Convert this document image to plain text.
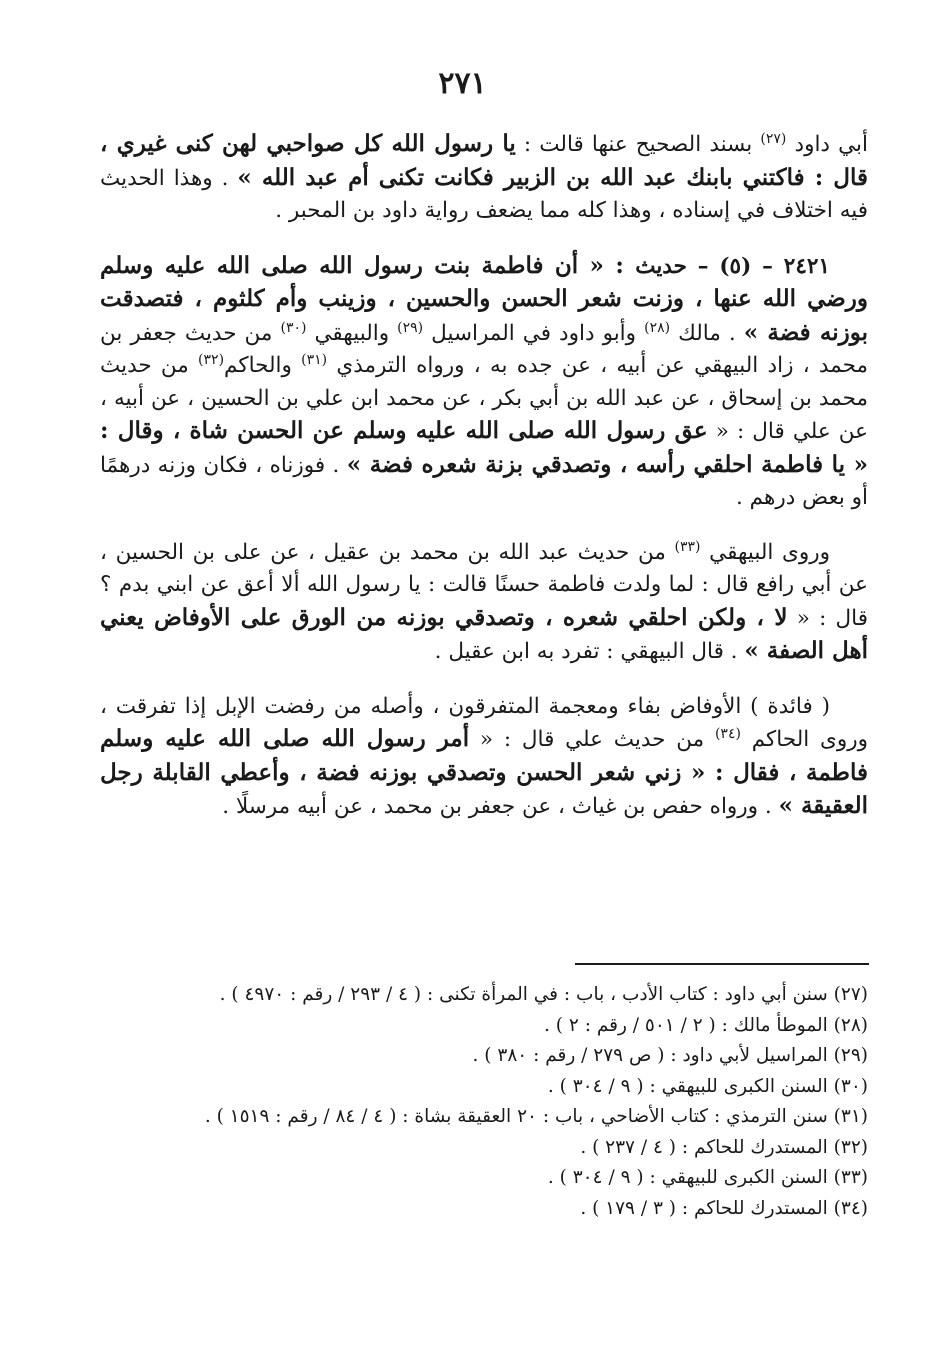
٢٧١

أبي داود $^{(٢٧)}$ بسند الصحيح عنها قالت : يا رسول الله كل صواحبي لهن كنى غيري ، قال : فاكتني بابنك عبد الله بن الزبير فكانت تكنى أم عبد الله » . وهذا الحديث فيه اختلاف في إسناده ، وهذا كله مما يضعف رواية داود بن المحبر .

٢٤٢١ – (٥) – حديث : « أن فاطمة بنت رسول الله صلى الله عليه وسلم ورضي الله عنها ، وزنت شعر الحسن والحسين ، وزينب وأم كلثوم ، فتصدقت بوزنه فضة » . مالك $^{(٢٨)}$ وأبو داود في المراسيل $^{(٢٩)}$ والبيهقي $^{(٣٠)}$ من حديث جعفر بن محمد ، زاد البيهقي عن أبيه ، عن جده به ، ورواه الترمذي $^{(٣١)}$ والحاكم$^{(٣٢)}$ من حديث محمد بن إسحاق ، عن عبد الله بن أبي بكر ، عن محمد ابن علي بن الحسين ، عن أبيه ، عن علي قال : « عق رسول الله صلى الله عليه وسلم عن الحسن شاة ، وقال : « يا فاطمة احلقي رأسه ، وتصدقي بزنة شعره فضة » . فوزناه ، فكان وزنه درهمًا أو بعض درهم .

وروى البيهقي $^{(٣٣)}$ من حديث عبد الله بن محمد بن عقيل ، عن على بن الحسين ، عن أبي رافع قال : لما ولدت فاطمة حسنًا قالت : يا رسول الله ألا أعق عن ابني بدم ؟ قال : « لا ، ولكن احلقي شعره ، وتصدقي بوزنه من الورق على الأوفاض يعني أهل الصفة » . قال البيهقي : تفرد به ابن عقيل .

( فائدة ) الأوفاض بفاء ومعجمة المتفرقون ، وأصله من رفضت الإبل إذا تفرقت ، وروى الحاكم $^{(٣٤)}$ من حديث علي قال : « أمر رسول الله صلى الله عليه وسلم فاطمة ، فقال : « زني شعر الحسن وتصدقي بوزنه فضة ، وأعطي القابلة رجل العقيقة » . ورواه حفص بن غياث ، عن جعفر بن محمد ، عن أبيه مرسلًا .

(٢٧) سنن أبي داود : كتاب الأدب ، باب : في المرأة تكنى : ( ٤ / ٢٩٣ / رقم : ٤٩٧٠ ) .
(٢٨) الموطأ مالك : ( ٢ / ٥٠١ / رقم : ٢ ) .
(٢٩) المراسيل لأبي داود : ( ص ٢٧٩ / رقم : ٣٨٠ ) .
(٣٠) السنن الكبرى للبيهقي : ( ٩ / ٣٠٤ ) .
(٣١) سنن الترمذي : كتاب الأضاحي ، باب : ٢٠ العقيقة بشاة : ( ٤ / ٨٤ / رقم : ١٥١٩ ) .
(٣٢) المستدرك للحاكم : ( ٤ / ٢٣٧ ) .
(٣٣) السنن الكبرى للبيهقي : ( ٩ / ٣٠٤ ) .
(٣٤) المستدرك للحاكم : ( ٣ / ١٧٩ ) .
